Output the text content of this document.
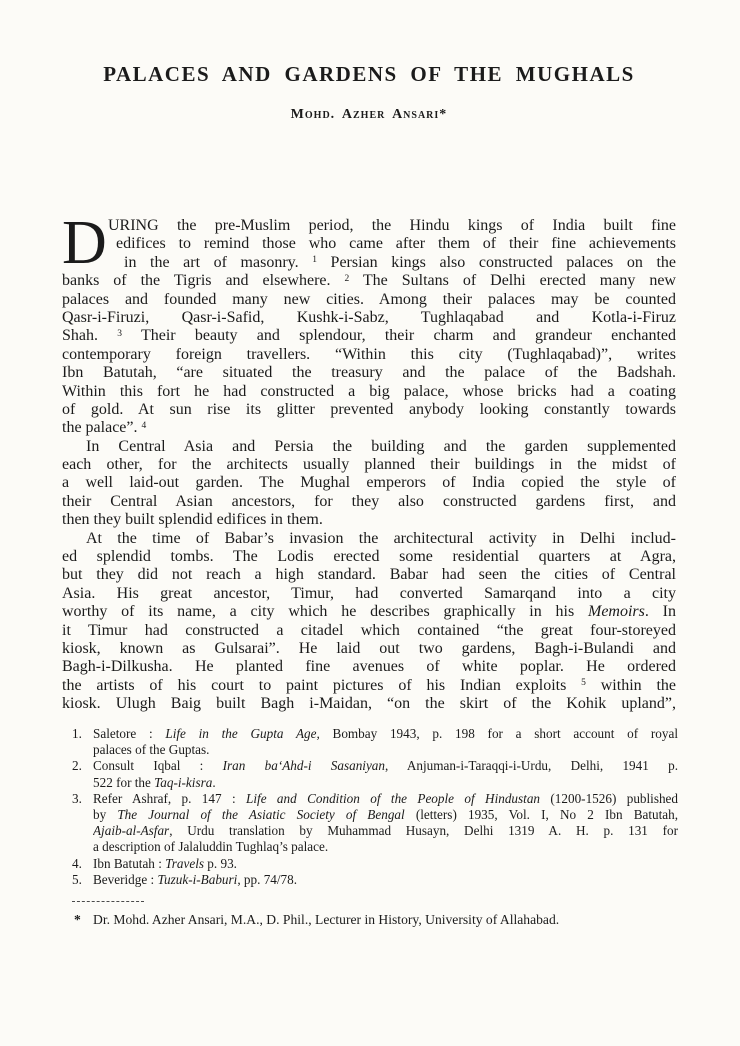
PALACES AND GARDENS OF THE MUGHALS
Mohd. Azher Ansari*
D URING the pre-Muslim period, the Hindu kings of India built fine
edifices to remind those who came after them of their fine achievements
in the art of masonry. $^1$ Persian kings also constructed palaces on the
banks of the Tigris and elsewhere. $^2$ The Sultans of Delhi erected many new
palaces and founded many new cities. Among their palaces may be counted
Qasr-i-Firuzi, Qasr-i-Safid, Kushk-i-Sabz, Tughlaqabad and Kotla-i-Firuz
Shah. $^3$ Their beauty and splendour, their charm and grandeur enchanted
contemporary foreign travellers. “Within this city (Tughlaqabad)”, writes
Ibn Batutah, “are situated the treasury and the palace of the Badshah.
Within this fort he had constructed a big palace, whose bricks had a coating
of gold. At sun rise its glitter prevented anybody looking constantly towards
the palace”. $^4$
In Central Asia and Persia the building and the garden supplemented
each other, for the architects usually planned their buildings in the midst of
a well laid-out garden. The Mughal emperors of India copied the style of
their Central Asian ancestors, for they also constructed gardens first, and
then they built splendid edifices in them.
At the time of Babar’s invasion the architectural activity in Delhi includ-
ed splendid tombs. The Lodis erected some residential quarters at Agra,
but they did not reach a high standard. Babar had seen the cities of Central
Asia. His great ancestor, Timur, had converted Samarqand into a city
worthy of its name, a city which he describes graphically in his Memoirs. In
it Timur had constructed a citadel which contained “the great four-storeyed
kiosk, known as Gulsarai”. He laid out two gardens, Bagh-i-Bulandi and
Bagh-i-Dilkusha. He planted fine avenues of white poplar. He ordered
the artists of his court to paint pictures of his Indian exploits $^5$ within the
kiosk. Ulugh Baig built Bagh i-Maidan, “on the skirt of the Kohik upland”,
1. Saletore : Life in the Gupta Age, Bombay 1943, p. 198 for a short account of royal
palaces of the Guptas.
2. Consult Iqbal : Iran ba‘Ahd-i Sasaniyan, Anjuman-i-Taraqqi-i-Urdu, Delhi, 1941 p.
522 for the Taq-i-kisra.
3. Refer Ashraf, p. 147 : Life and Condition of the People of Hindustan (1200-1526) published
by The Journal of the Asiatic Society of Bengal (letters) 1935, Vol. I, No 2 Ibn Batutah,
Ajaib-al-Asfar, Urdu translation by Muhammad Husayn, Delhi 1319 A. H. p. 131 for
a description of Jalaluddin Tughlaq’s palace.
4. Ibn Batutah : Travels p. 93.
5. Beveridge : Tuzuk-i-Baburi, pp. 74/78.
* Dr. Mohd. Azher Ansari, M.A., D. Phil., Lecturer in History, University of Allahabad.
